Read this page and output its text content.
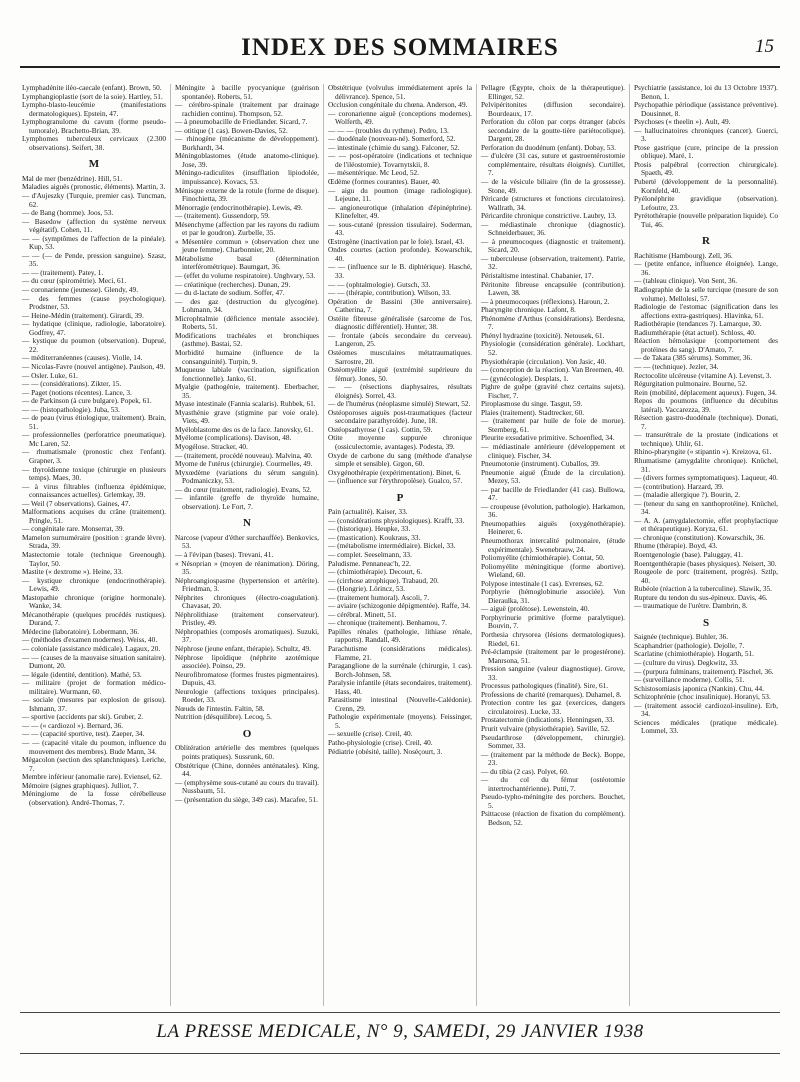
INDEX DES SOMMAIRES	15
Lymphadénite iléo-caecale (enfant). Brown, 50.
Lymphangioplastie (sort de la soie). Hartley, 51.
Lympho-blasto-leucémie (manifestations dermatologiques). Epstein, 47.
Lymphogranulome du cavum (forme pseudo-tumorale). Brachetto-Brian, 39.
Lymphomes tuberculeux cervicaux (2.300 observations). Seifert, 38.
M
Mal de mer (benzédrine). Hill, 51.
Maladies aiguës (pronostic, éléments). Martin, 3.
— d'Aujeszky (Turquie, premier cas). Tuncman, 62.
— de Bang (homme). Joos, 53.
— Basedow (affection du système nerveux végétatif). Cohen, 11.
— — (symptômes de l'affection de la pinéale). Kup, 53.
— — (— de Pende, pression sanguine). Szasz, 35.
— — (traitement). Patey, 1.
— du cœur (spiromètrie). Meci, 61.
— coronarienne (jeunesse). Glendy, 49.
— des femmes (cause psychologique). Prodstner, 53.
— Heine-Médin (traitement). Girardi, 39.
— hydatique (clinique, radiologie, laboratoire). Godfrey, 47.
— kystique du poumon (observation). Duprué, 22.
— méditerranéennes (causes). Violle, 14.
— Nicolas-Favre (nouvel antigène). Paulson, 49.
— Osler. Luke, 61.
— — (considérations). Zikter, 15.
— Paget (notions récentes). Lance, 3.
— de Parkinson (à cure bulgare). Popek, 61.
— — (histopathologie). Juba, 53.
— de peau (virus étiologique, traitement). Brain, 51.
— professionnelles (perforatrice pneumatique). Mc Laren, 52.
— rhumatismale (pronostic chez l'enfant). Grapner, 3.
— thyroïdienne toxique (chirurgie en plusieurs temps). Maes, 30.
— à virus filtrables (influenza épidémique, connaissances actuelles). Grlemkay, 39.
— Weil (7 observations). Gaines, 47.
Malformations acquises du crâne (traitement). Pringle, 51.
— congénitale rare. Monserrat, 39.
Mamelon surnuméraire (position : grande lèvre). Strada, 39.
Mastectomie totale (technique Greenough). Taylor, 50.
Mastite (« dextrome »). Heine, 33.
— kystique chronique (endocrinothérapie). Lewis, 49.
Mastopathie chronique (origine hormonale). Wanke, 34.
Mécanothérapie (quelques procédés rustiques). Durand, 7.
Médecine (laboratoire). Lobermann, 36.
— (méthodes d'examen modernes). Weiss, 40.
— coloniale (assistance médicale). Lagaux, 20.
— — (causes de la mauvaise situation sanitaire). Dumont, 20.
— légale (identité, dentition). Mathé, 53.
— militaire (projet de formation médico-militaire). Wurmann, 60.
— sociale (mesures par explosion de grisou). Ishmann, 37.
— sportive (accidents par ski). Gruber, 2.
— — (« cardiozol »). Bernard, 36.
— — (capacité sportive, test). Zaeper, 34.
— — (capacité vitale du poumon, influence du mouvement des membres). Bude Mann, 34.
Mégacolon (section des splanchniques). Leriche, 7.
Membre inférieur (anomalie rare). Eviensel, 62.
Mémoire (signes graphiques). Julliot, 7.
Méningiome de la fosse cérébelleuse (observation). André-Thomas, 7.
Méningite à bacille pyocyanique (guérison spontanée). Roberts, 51.
— cérébro-spinale (traitement par drainage rachidien continu). Thompson, 52.
— à pneumobacille de Friedlander. Sicard, 7.
— otitique (1 cas). Bowen-Davies, 52.
— rhinogène (mécanisme de développement). Burkhardt, 34.
Méningoblastomes (étude anatomo-clinique). Jose, 39.
Méningo-radiculites (insufflation lipiodolée, impuissance). Kovacs, 53.
Ménisque externe de la rotule (forme de disque). Finochietta, 39.
Ménorragie (endocrinothérapie). Lewis, 49.
— (traitement). Gussendorp, 59.
Mésenchyme (affection par les rayons du radium et par le goudron). Zurbelle, 35.
« Mésentère commun » (observation chez une jeune femme). Charbonnier, 20.
Métabolisme basal (détermination interférométrique). Baumgart, 36.
— (effet du volume respiratoire). Unghvary, 53.
— créatinique (recherches). Dunan, 29.
— du d-lactate de sodium. Soffer, 47.
— des gaz (destruction du glycogène). Lohmann, 34.
Microphtalmie (déficience mentale associée). Roberts, 51.
Modifications trachéales et bronchiques (asthme). Bastai, 52.
Morbidité humaine (influence de la consanguinité). Turpin, 9.
Muqueuse labiale (vaccination, signification fonctionnelle). Janko, 61.
Myalgie (pathogénie, traitement). Eberbacher, 35.
Myase intestinale (Fannia scalaris). Ruhbek, 61.
Myasthénie grave (stigmine par voie orale). Viets, 49.
Myéloblastome des os de la face. Janovsky, 61.
Myélome (complications). Davison, 48.
Myogélose. Stracker, 40.
— (traitement, procédé nouveau). Malvina, 40.
Myome de l'utérus (chirurgie). Courmelles, 49.
Myxœdème (variations du sérum sanguin). Podmaniczky, 53.
— du cœur (traitement, radiologie). Evans, 52.
— infantile (greffe de thyroïde humaine, observation). Le Fort, 7.
N
Narcose (vapeur d'éther surchauffée). Benkovics, 53.
— à l'évipan (bases). Trevani, 41.
« Nésoprian » (moyen de réanimation). Döring, 35.
Néphroangiospasme (hypertension et artérite). Friedman, 3.
Néphrites chroniques (électro-coagulation). Chavasat, 20.
Néphrolithiase (traitement conservateur). Pristley, 49.
Néphropathies (composés aromatiques). Suzuki, 37.
Néphrose (jeune enfant, thérapie). Schultz, 49.
Néphrose lipoïdique (néphrite azotémique associée). Poinso, 29.
Neurofibromatose (formes frustes pigmentaires). Dupuis, 43.
Neurologie (affections toxiques principales). Roeder, 33.
Nœuds de l'intestin. Faltin, 58.
Nutrition (désquilibre). Lecoq, 5.
O
Oblitération artérielle des membres (quelques points pratiques). Sussrunk, 60.
Obstétrique (Chine, données anténatales). King, 44.
— (emphysème sous-cutané au cours du travail). Nussbaum, 51.
— (présentation du siège, 349 cas). Macafee, 51.
Obstétrique (volvulus immédiatement après la délivrance). Spence, 51.
Occlusion congénitale du chœna. Anderson, 49.
— coronarienne aiguë (conceptions modernes). Wolferth, 49.
— — — (troubles du rythme). Pedro, 13.
— duodénale (nouveau-né). Somerford, 52.
— intestinale (chimie du sang). Falconer, 52.
— — post-opératoire (indications et technique de l'iléostomie). Tovarnytskii, 8.
— mésentérique. Mc Leod, 52.
Œdème (formes courantes). Bauer, 40.
— aigu du poumon (image radiologique). Lejeune, 11.
— angioneurotique (inhalation d'épinéphrine). Klinefelter, 49.
— sous-cutané (pression tissulaire). Soderman, 43.
Œstrogène (inactivation par le foie). Israel, 43.
Ondes courtes (action profonde). Kowarschik, 40.
— — (influence sur le B. diphtérique). Hasché, 33.
— — (ophtalmologie). Gutsch, 33.
— — (thérapie, contribution). Wilson, 33.
Opération de Bassini (30e anniversaire). Catherina, 7.
Ostéite fibreuse généralisée (sarcome de l'os, diagnostic différentiel). Hunter, 38.
— frontale (abcès secondaire du cerveau). Langeron, 25.
Ostéomes musculaires métatraumatiques. Sarrostre, 20.
Ostéomyélite aiguë (extrémité supérieure du fémur). Jones, 50.
— — (résections diaphysaires, résultats éloignés). Sorrel, 43.
— de l'humérus (néoplasme simulé) Stewart, 52.
Ostéoporoses aiguës post-traumatiques (facteur secondaire parathyroïde). June, 18.
Ostéopsathyrose (1 cas). Cottin, 59.
Otite moyenne suppurée chronique (ossiculectomie, avantages). Podesta, 39.
Oxyde de carbone du sang (méthode d'analyse simple et sensible). Grgon, 60.
Oxygénothérapie (expérimentation). Binet, 6.
— (influence sur l'érythropoïèse). Gualco, 57.
P
Pain (actualité). Kaiser, 33.
— (considérations physiologiques). Krafft, 33.
— (historique). Heupke, 33.
— (mastication). Koukraus, 33.
— (métabolisme intermédiaire). Bickel, 33.
— complet. Seeselmann, 33.
Paludisme. Pennaneac'h, 22.
— (chimiothérapie). Decourt, 6.
— (cirrhose atrophique). Trabaud, 20.
— (Hongrie). Lörincz, 53.
— (traitement humoral). Ascoli, 7.
— aviaire (schizogonie dépigmentée). Raffe, 34.
— cérébral. Minett, 51.
— chronique (traitement). Benhamou, 7.
Papilles rénales (pathologie, lithiase rénale, rapports). Randall, 49.
Parachutisme (considérations médicales). Flamme, 21.
Paraganglione de la surrénale (chirurgie, 1 cas). Borch-Johnsen, 58.
Paralysie infantile (états secondaires, traitement). Hass, 40.
Parasitisme intestinal (Nouvelle-Calédonie). Crenn, 29.
Pathologie expérimentale (moyens). Feissinger, 5.
— sexuelle (crise). Creil, 40.
Patho-physiologie (crise). Creil, 40.
Pédiatrie (obésité, taille). Noséçourt, 3.
Pellagre (Égypte, choix de la thérapeutique). Ellinger, 52.
Pelvipéritonites (diffusion secondaire). Bourdeaux, 17.
Perforation du côlon par corps étranger (abcès secondaire de la goutte-tière pariétocolique). Dargent, 28.
Perforation du duodénum (enfant). Dobay, 53.
— d'ulcère (31 cas, suture et gastroentérostomie complémentaire, résultats éloignés). Curtillet, 7.
— de la vésicule biliaire (fin de la grossesse). Stone, 49.
Péricarde (structures et fonctions circulatoires). Wallrath, 34.
Péricardite chronique constrictive. Laubry, 13.
— médiastinale chronique (diagnostic). Schneiderbauer, 36.
— à pneumocoques (diagnostic et traitement). Sicard, 20.
— tuberculeuse (observation, traitement). Patrie, 32.
Péristaltisme intestinal. Chabanier, 17.
Péritonite fibreuse encapsulée (contribution). Lawen, 38.
— à pneumocoques (réflexions). Haroun, 2.
Pharyngite chronique. Lafont, 8.
Phénomène d'Arthus (considérations). Berdesna, 7.
Phényl hydrazine (toxicité). Netousek, 61.
Physiologie (considération générale). Lockhart, 52.
Physiothérapie (circulation). Von Jasic, 40.
— (conception de la réaction). Van Breemen, 40.
— (gynécologie). Desplats, 1.
Pighre de guêpe (gravité chez certains sujets). Fischer, 7.
Piroplasmose du singe. Tasgut, 59.
Plaies (traitement). Stadtrecker, 60.
— (traitement par huile de foie de morue). Sternberg, 61.
Pleurite exsudative primitive. Schoenfled, 34.
— médiastinale antérieure (développement et clinique). Fischer, 34.
Pneumotonie (instrument). Cuballos, 39.
Pneumonie aiguë (Étude de la circulation). Mezey, 53.
— par bacille de Friedlander (41 cas). Bullowa, 47.
— croupeuse (évolution, pathologie). Harkamon, 36.
Pneumopathies aiguës (oxygénothérapie). Heinerer, 6.
Pneumothorax intercalité pulmonaire, (étude expérimentale). Swenebrauw, 24.
Poliomyélite (chimiothérapie). Contat, 50.
Poliomyélite méningitique (forme abortive). Wieland, 60.
Polypose intestinale (1 cas). Evrenses, 62.
Porphyrie (hémoglobinurie associée). Von Dieraulka, 31.
— aiguë (prolétose). Lewenstein, 40.
Porphyrinurie primitive (forme paralytique). Bouvin, 7.
Porthesia chrysorea (lésions dermatologiques). Riedel, 61.
Pré-éclampsie (traitement par le progestérone). Manrsona, 51.
Pression sanguine (valeur diagnostique). Grove, 33.
Processus pathologiques (finalité). Sire, 61.
Professions de charité (remarques). Duhamel, 8.
Protection contre les gaz (exercices, dangers circulatoires). Lucke, 33.
Prostatectomie (indications). Henningsen, 33.
Prurit vulvaire (physiothérapie). Saville, 52.
Pseudarthrose (développement, chirurgie). Sommer, 33.
— (traitement par la méthode de Beck). Boppe, 23.
— du tibia (2 cas). Polyet, 60.
— du col du fémur (ostéotomie intertrochantérienne). Putti, 7.
Pseudo-typho-méningite des porchers. Bouchet, 5.
Psittacose (réaction de fixation du complément). Bedson, 52.
Psychiatrie (assistance, loi du 13 Octobre 1937). Benon, 1.
Psychopathie périodique (assistance préventive). Dousinnet, 8.
Psychoses (« theelin »). Ault, 49.
— hallucinatoires chroniques (cancer). Guerci, 3.
Ptose gastrique (cure, principe de la pression oblique). Maré, 1.
Ptosis palpébral (correction chirurgicale). Spaeth, 49.
Puberté (développement de la personnalité). Kornfeld, 40.
Pyélonéphrite gravidique (observation). Lefoutre, 23.
Pyrétothérapie (nouvelle préparation liquide). Co Tui, 46.
R
Rachitisme (Hambourg). Zell, 36.
— (petite enfance, influence éloignée). Lange, 36.
— (tableau clinique). Von Sent, 36.
Radiographie de la selle turcique (mesure de son volume). Mellolesi, 57.
Radiologie de l'estomac (signification dans les affections extra-gastriques). Hlavinka, 61.
Radiothérapie (tendances ?). Lamarque, 30.
Radiumthérapie (état actuel). Schloss, 40.
Réaction hémolasique (comportement des protéines du sang). D'Amato, 7.
— de Takata (385 sérums). Sommer, 36.
— — (technique). Jezler, 34.
Rectocolite ulcéreuse (vitamine A). Levenst, 3.
Régurgitation pulmonaire. Bourne, 52.
Rein (mobilité, déplacement aqueux). Fugen, 34.
Repos du poumons (influence du décubitus latéral). Vaccarezza, 39.
Résection gastro-duodénale (technique). Donati, 7.
— transurétrale de la prostate (indications et technique). Uhlir, 61.
Rhino-pharyngite (« stipantin »). Kreizova, 61.
Rhumatisme (amygdalite chronique). Knüchel, 31.
— (divers formes symptomatiques). Laqueur, 40.
— (contribution). Harzard, 39.
— (maladie allergique ?). Bourin, 2.
— (teneur du sang en xanthoprotéine). Knüchel, 34.
— A. A. (amygdalectomie, effet prophylactique et thérapeutique). Koryza, 61.
— chronique (constitution). Kowarschik, 36.
Rhume (thérapie). Boyd, 43.
Roentgenologie (base). Paluggay, 41.
Roentgenthérapie (bases physiques). Neisert, 30.
Rougeole de porc (traitement, progrès). Sztlp, 40.
Rubéole (réaction à la tuberculine). Slawik, 35.
Rupture du tendon du sus-épineux. Davis, 46.
— traumatique de l'urètre. Dambrin, 8.
S
Saignée (technique). Buhler, 36.
Scaphandrier (pathologie). Dejolle, 7.
Scarlatine (chimiothérapie). Hogarth, 51.
— (culture du virus). Degkwitz, 33.
— (purpura fulminans, traitement). Päschel, 36.
— (surveillance moderne). Collis, 51.
Schistosomiasis japonica (Nankin). Chu, 44.
Schizophrénie (choc insulinique). Horanyi, 53.
— (traitement associé cardiozol-insuline). Erb, 34.
Sciences médicales (pratique médicale). Lommel, 33.
LA PRESSE MEDICALE, N° 9, SAMEDI, 29 JANVIER 1938
